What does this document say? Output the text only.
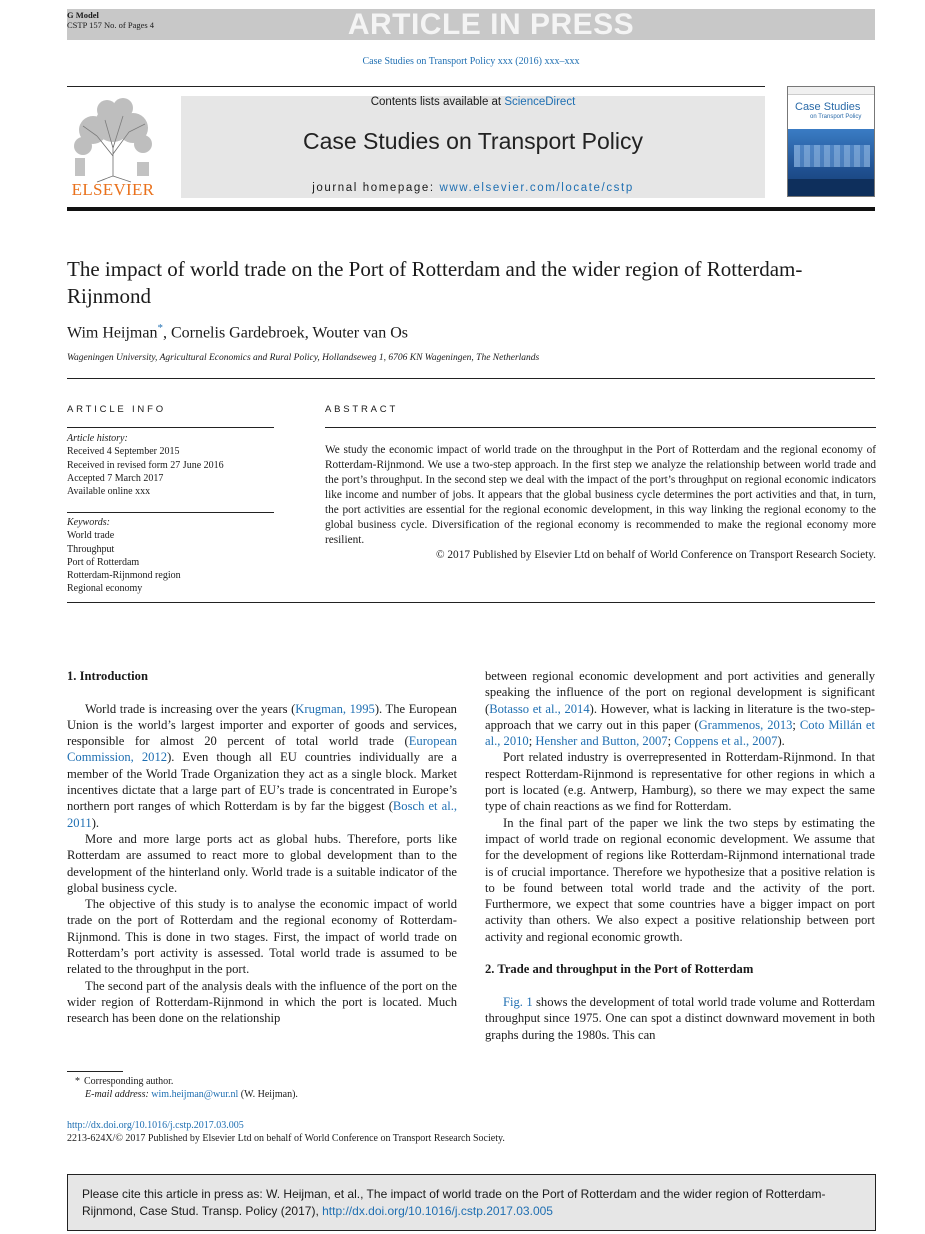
ARTICLE IN PRESS
G Model
CSTP 157 No. of Pages 4
Case Studies on Transport Policy xxx (2016) xxx–xxx
ELSEVIER
Contents lists available at ScienceDirect
Case Studies on Transport Policy
journal homepage: www.elsevier.com/locate/cstp
Case Studies
on Transport Policy
The impact of world trade on the Port of Rotterdam and the wider region of Rotterdam-Rijnmond
Wim Heijman*, Cornelis Gardebroek, Wouter van Os
Wageningen University, Agricultural Economics and Rural Policy, Hollandseweg 1, 6706 KN Wageningen, The Netherlands
ARTICLE INFO
Article history:
Received 4 September 2015
Received in revised form 27 June 2016
Accepted 7 March 2017
Available online xxx
Keywords:
World trade
Throughput
Port of Rotterdam
Rotterdam-Rijnmond region
Regional economy
ABSTRACT
We study the economic impact of world trade on the throughput in the Port of Rotterdam and the regional economy of Rotterdam-Rijnmond. We use a two-step approach. In the first step we analyze the relationship between world trade and the port’s throughput. In the second step we deal with the impact of the port’s throughput on regional economic indicators like income and number of jobs. It appears that the global business cycle determines the port activities and that, in turn, the port activities are essential for the regional economic development, in this way linking the regional economy to the global business cycle. Diversification of the regional economy is recommended to make the regional economy more resilient.
© 2017 Published by Elsevier Ltd on behalf of World Conference on Transport Research Society.
1. Introduction

World trade is increasing over the years (Krugman, 1995). The European Union is the world’s largest importer and exporter of goods and services, responsible for almost 20 percent of total world trade (European Commission, 2012). Even though all EU countries individually are a member of the World Trade Organization they act as a single block. Market incentives dictate that a large part of EU’s trade is concentrated in Europe’s northern port ranges of which Rotterdam is by far the biggest (Bosch et al., 2011).

More and more large ports act as global hubs. Therefore, ports like Rotterdam are assumed to react more to global development than to the development of the hinterland only. World trade is a suitable indicator of the global business cycle.

The objective of this study is to analyse the economic impact of world trade on the port of Rotterdam and the regional economy of Rotterdam-Rijnmond. This is done in two stages. First, the impact of world trade on Rotterdam’s port activity is assessed. Total world trade is assumed to be related to the throughput in the port.

The second part of the analysis deals with the influence of the port on the wider region of Rotterdam-Rijnmond in which the port is located. Much research has been done on the relationship

between regional economic development and port activities and generally speaking the influence of the port on regional development is significant (Botasso et al., 2014). However, what is lacking in literature is the two-step-approach that we carry out in this paper (Grammenos, 2013; Coto Millán et al., 2010; Hensher and Button, 2007; Coppens et al., 2007).

Port related industry is overrepresented in Rotterdam-Rijnmond. In that respect Rotterdam-Rijnmond is representative for other regions in which a port is located (e.g. Antwerp, Hamburg), so there we may expect the same type of chain reactions as we find for Rotterdam.

In the final part of the paper we link the two steps by estimating the impact of world trade on regional economic development. We assume that for the development of regions like Rotterdam-Rijnmond international trade is of crucial importance. Therefore we hypothesize that a positive relation is to be found between total world trade and the activity of the port. Furthermore, we expect that some countries have a bigger impact on port activity than others. We also expect a positive relationship between port activity and regional economic growth.

2. Trade and throughput in the Port of Rotterdam

Fig. 1 shows the development of total world trade volume and Rotterdam throughput since 1975. One can spot a distinct downward movement in both graphs during the 1980s. This can

* Corresponding author.
E-mail address: wim.heijman@wur.nl (W. Heijman).
http://dx.doi.org/10.1016/j.cstp.2017.03.005
2213-624X/© 2017 Published by Elsevier Ltd on behalf of World Conference on Transport Research Society.
Please cite this article in press as: W. Heijman, et al., The impact of world trade on the Port of Rotterdam and the wider region of Rotterdam-Rijnmond, Case Stud. Transp. Policy (2017), http://dx.doi.org/10.1016/j.cstp.2017.03.005
